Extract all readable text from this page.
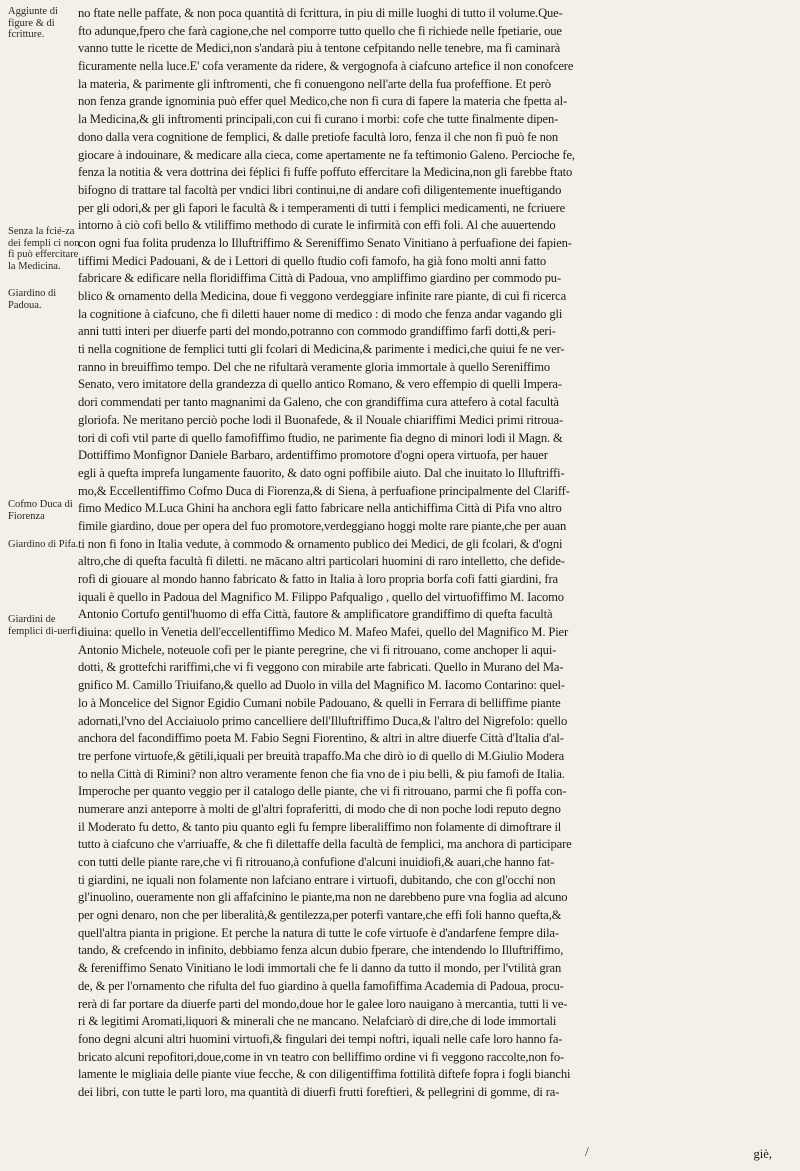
Aggiunte di figure & di fcritture.
Senza la fcié-za dei fempli ci non fi può effercitare la Medicina.
Giardino di Padoua.
Cofmo Duca di Fiorenza
Giardino di Pifa.
Giardini de femplici di-uerfi.
no ftate nelle paffate, & non poca quantità di fcrittura, in piu di mille luoghi di tutto il volume.Que-
fto adunque,fpero che farà cagione,che nel comporre tutto quello che fi richiede nelle fpetiarie, oue
vanno tutte le ricette de Medici,non s'andarà piu à tentone cefpitando nelle tenebre, ma fi caminarà
ficuramente nella luce.E' cofa veramente da ridere, & vergognofa à ciafcuno artefice il non conofcere
la materia, & parimente gli inftromenti, che fi conuengono nell'arte della fua profeffione. Et però
non fenza grande ignominia può effer quel Medico,che non fi cura di fapere la materia che fpetta al-
la Medicina,& gli inftromenti principali,con cui fi curano i morbi: cofe che tutte finalmente dipen-
dono dalla vera cognitione de femplici, & dalle pretiofe facultà loro, fenza il che non fi può fe non
giocare à indouinare, & medicare alla cieca, come apertamente ne fa teftimonio Galeno. Percioche fe,
fenza la notitia & vera dottrina dei féplici fi fuffe poffuto effercitare la Medicina,non gli farebbe ftato
bifogno di trattare tal facoltà per vndici libri continui,ne di andare cofi diligentemente inueftigando
per gli odori,& per gli fapori le facultà & i temperamenti di tutti i femplici medicamenti, ne fcriuere
intorno à ciò cofi bello & vtiliffimo methodo di curate le infirmità con effi foli. Al che auuertendo
con ogni fua folita prudenza lo Illuftriffimo & Sereniffimo Senato Vinitiano à perfuafione dei fapien-
tiffimi Medici Padouani, & de i Lettori di quello ftudio cofi famofo, ha già fono molti anni fatto
fabricare & edificare nella floridiffima Città di Padoua, vno ampliffimo giardino per commodo pu-
blico & ornamento della Medicina, doue fi veggono verdeggiare infinite rare piante, di cui fi ricerca
la cognitione à ciafcuno, che fi diletti hauer nome di medico : di modo che fenza andar vagando gli
anni tutti interi per diuerfe parti del mondo,potranno con commodo grandiffimo farfi dotti,& peri-
ti nella cognitione de femplici tutti gli fcolari di Medicina,& parimente i medici,che quiui fe ne ver-
ranno in breuiffimo tempo. Del che ne rifultarà veramente gloria immortale à quello Sereniffimo
Senato, vero imitatore della grandezza di quello antico Romano, & vero effempio di quelli Impera-
dori commendati per tanto magnanimi da Galeno, che con grandiffima cura attefero à cotal facultà
gloriofa. Ne meritano perciò poche lodi il Buonafede, & il Nouale chiariffimi Medici primi ritroua-
tori di cofi vtil parte di quello famofiffimo ftudio, ne parimente fia degno di minori lodi il Magn. &
Dottiffimo Monfignor Daniele Barbaro, ardentiffimo promotore d'ogni opera virtuofa, per hauer
egli à quefta imprefa lungamente fauorito, & dato ogni poffibile aiuto. Dal che inuitato lo Illuftriffi-
mo,& Eccellentiffimo Cofmo Duca di Fiorenza,& di Siena, à perfuafione principalmente del Clariff-
fimo Medico M.Luca Ghini ha anchora egli fatto fabricare nella antichiffima Città di Pifa vno altro
fimile giardino, doue per opera del fuo promotore,verdeggiano hoggi molte rare piante,che per auan
ti non fi fono in Italia vedute, à commodo & ornamento publico dei Medici, de gli fcolari, & d'ogni
altro,che di quefta facultà fi diletti. ne mācano altri particolari huomini di raro intelletto, che defide-
rofi di giouare al mondo hanno fabricato & fatto in Italia à loro propria borfa cofi fatti giardini, fra
iquali è quello in Padoua del Magnifico M. Filippo Pafqualigo , quello del virtuofiffimo M. Iacomo
Antonio Cortufo gentil'huomo di effa Città, fautore & amplificatore grandiffimo di quefta facultà
diuina: quello in Venetia dell'eccellentiffimo Medico M. Mafeo Mafei, quello del Magnifico M. Pier
Antonio Michele, noteuole cofi per le piante peregrine, che vi fi ritrouano, come anchoper li aqui-
dotti, & grottefchi rariffimi,che vi fi veggono con mirabile arte fabricati. Quello in Murano del Ma-
gnifico M. Camillo Triuifano,& quello ad Duolo in villa del Magnifico M. Iacomo Contarino: quel-
lo à Moncelice del Signor Egidio Cumani nobile Padouano, & quelli in Ferrara di belliffime piante
adornati,l'vno del Acciaiuolo primo cancelliere dell'Illuftriffimo Duca,& l'altro del Nigrefolo: quello
anchora del facondiffimo poeta M. Fabio Segni Fiorentino, & altri in altre diuerfe Città d'Italia d'al-
tre perfone virtuofe,& gētili,iquali per breuità trapaffo.Ma che dirò io di quello di M.Giulio Modera
to nella Città di Rimini? non altro veramente fenon che fia vno de i piu belli, & piu famofi de Italia.
Imperoche per quanto veggio per il catalogo delle piante, che vi fi ritrouano, parmi che fi poffa con-
numerare anzi anteporre à molti de gl'altri fopraferitti, di modo che di non poche lodi reputo degno
il Moderato fu detto, & tanto piu quanto egli fu fempre liberaliffimo non folamente di dimoftrare il
tutto à ciafcuno che v'arriuaffe, & che fi dilettaffe della facultà de femplici, ma anchora di participare
con tutti delle piante rare,che vi fi ritrouano,à confufione d'alcuni inuidiofi,& auari,che hanno fat-
ti giardini, ne iquali non folamente non lafciano entrare i virtuofi, dubitando, che con gl'occhi non
gl'inuolino, oueramente non gli affafcinino le piante,ma non ne darebbeno pure vna foglia ad alcuno
per ogni denaro, non che per liberalità,& gentilezza,per poterfi vantare,che effi foli hanno quefta,&
quell'altra pianta in prigione. Et perche la natura di tutte le cofe virtuofe è d'andarfene fempre dila-
tando, & crefcendo in infinito, debbiamo fenza alcun dubio fperare, che intendendo lo Illuftriffimo,
& fereniffimo Senato Vinitiano le lodi immortali che fe li danno da tutto il mondo, per l'vtilità gran
de, & per l'ornamento che rifulta del fuo giardino à quella famofiffima Academia di Padoua, procu-
rerà di far portare da diuerfe parti del mondo,doue hor le galee loro nauigano à mercantia, tutti li ve-
ri & legitimi Aromati,liquori & minerali che ne mancano. Nelafciarò di dire,che di lode immortali
fono degni alcuni altri huomini virtuofi,& fingulari dei tempi noftri, iquali nelle cafe loro hanno fa-
bricato alcuni repofitori,doue,come in vn teatro con belliffimo ordine vi fi veggono raccolte,non fo-
lamente le migliaia delle piante viue fecche, & con diligentiffima fottilità diftefe fopra i fogli bianchi
dei libri, con tutte le parti loro, ma quantità di diuerfi frutti foreftieri, & pellegrini di gomme, di ra-
/	giè,
